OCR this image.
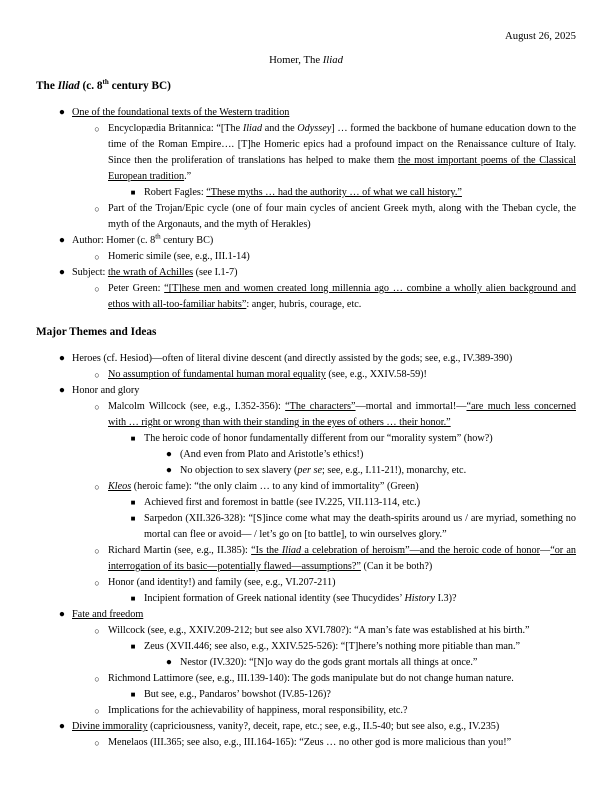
August 26, 2025
Homer, The Iliad
The Iliad (c. 8th century BC)
● One of the foundational texts of the Western tradition
○ Encyclopædia Britannica: “[The Iliad and the Odyssey] … formed the backbone of humane education down to the time of the Roman Empire…. [T]he Homeric epics had a profound impact on the Renaissance culture of Italy. Since then the proliferation of translations has helped to make them the most important poems of the Classical European tradition.”
■ Robert Fagles: “These myths … had the authority … of what we call history.”
○ Part of the Trojan/Epic cycle (one of four main cycles of ancient Greek myth, along with the Theban cycle, the myth of the Argonauts, and the myth of Herakles)
● Author: Homer (c. 8th century BC)
○ Homeric simile (see, e.g., III.1-14)
● Subject: the wrath of Achilles (see I.1-7)
○ Peter Green: “[T]hese men and women created long millennia ago … combine a wholly alien background and ethos with all-too-familiar habits”: anger, hubris, courage, etc.
Major Themes and Ideas
● Heroes (cf. Hesiod)—often of literal divine descent (and directly assisted by the gods; see, e.g., IV.389-390)
○ No assumption of fundamental human moral equality (see, e.g., XXIV.58-59)!
● Honor and glory
○ Malcolm Willcock (see, e.g., I.352-356): “The characters”—mortal and immortal!—“are much less concerned with … right or wrong than with their standing in the eyes of others … their honor.”
■ The heroic code of honor fundamentally different from our “morality system” (how?)
● (And even from Plato and Aristotle’s ethics!)
● No objection to sex slavery (per se; see, e.g., I.11-21!), monarchy, etc.
○ Kleos (heroic fame): “the only claim … to any kind of immortality” (Green)
■ Achieved first and foremost in battle (see IV.225, VII.113-114, etc.)
■ Sarpedon (XII.326-328): “[S]ince come what may the death-spirits around us / are myriad, something no mortal can flee or avoid— / let’s go on [to battle], to win ourselves glory.”
○ Richard Martin (see, e.g., II.385): “Is the Iliad a celebration of heroism”—and the heroic code of honor—“or an interrogation of its basic—potentially flawed—assumptions?” (Can it be both?)
○ Honor (and identity!) and family (see, e.g., VI.207-211)
■ Incipient formation of Greek national identity (see Thucydides’ History I.3)?
● Fate and freedom
○ Willcock (see, e.g., XXIV.209-212; but see also XVI.780?): “A man’s fate was established at his birth.”
■ Zeus (XVII.446; see also, e.g., XXIV.525-526): “[T]here’s nothing more pitiable than man.”
● Nestor (IV.320): “[N]o way do the gods grant mortals all things at once.”
○ Richmond Lattimore (see, e.g., III.139-140): The gods manipulate but do not change human nature.
■ But see, e.g., Pandaros’ bowshot (IV.85-126)?
○ Implications for the achievability of happiness, moral responsibility, etc.?
● Divine immorality (capriciousness, vanity?, deceit, rape, etc.; see, e.g., II.5-40; but see also, e.g., IV.235)
○ Menelaos (III.365; see also, e.g., III.164-165): “Zeus … no other god is more malicious than you!”
